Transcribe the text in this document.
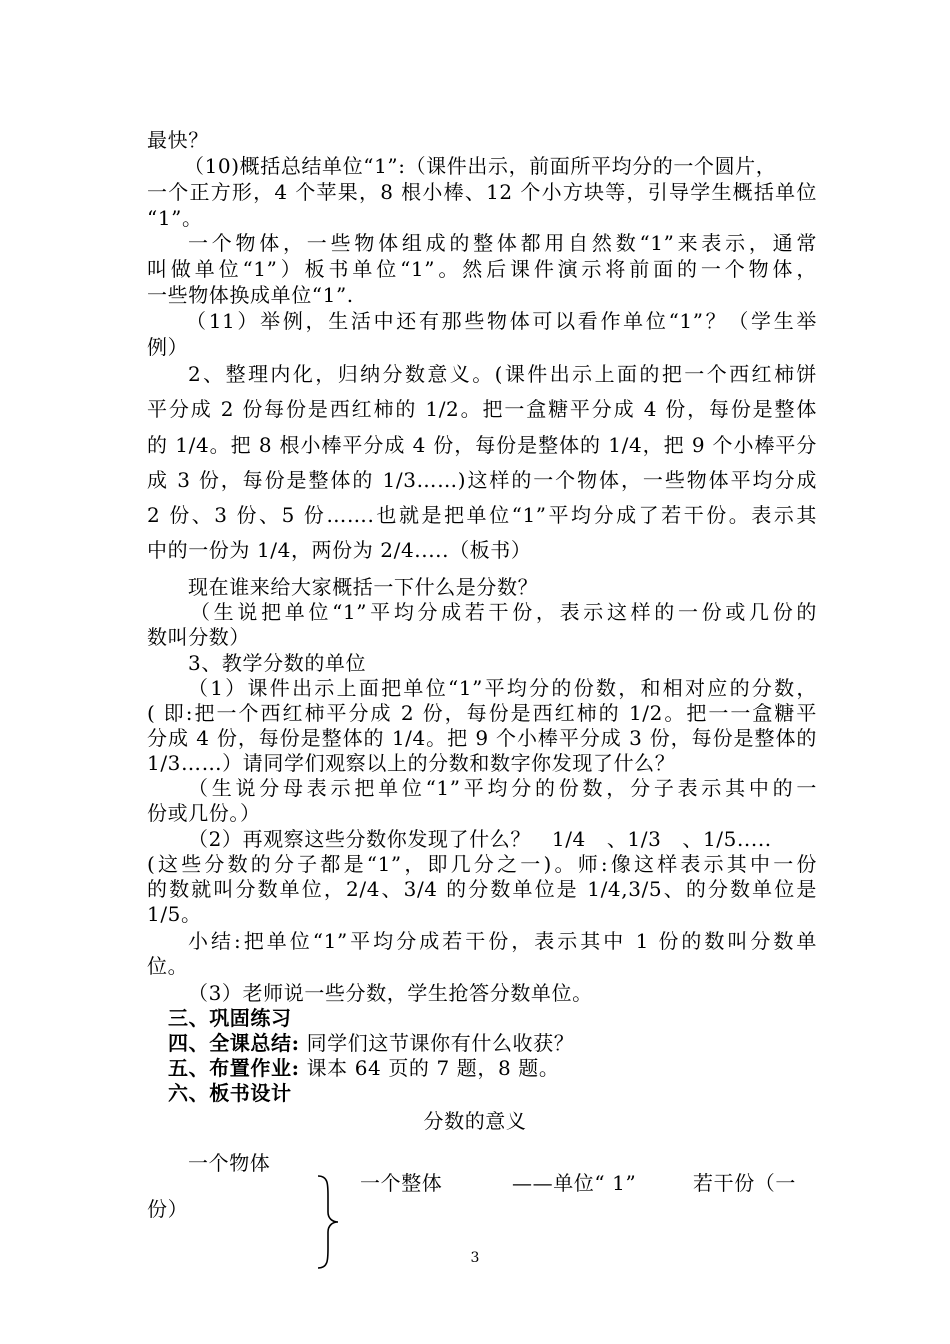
最快？
（10)概括总结单位“1”:（课件出示，前面所平均分的一个圆片，
一个正方形，4 个苹果，8 根小棒、12 个小方块等，引导学生概括单位
“1”。
一个物体，一些物体组成的整体都用自然数“1”来表示，通常
叫做单位“1”）板书单位“1”。然后课件演示将前面的一个物体，
一些物体换成单位“1”.
（11）举例，生活中还有那些物体可以看作单位“1”？（学生举
例）
2、整理内化，归纳分数意义。(课件出示上面的把一个西红柿饼
平分成 2 份每份是西红柿的 1/2。把一盒糖平分成 4 份，每份是整体
的 1/4。把 8 根小棒平分成 4 份，每份是整体的 1/4，把 9 个小棒平分
成 3 份，每份是整体的 1/3……)这样的一个物体，一些物体平均分成
2 份、3 份、5 份…….也就是把单位“1”平均分成了若干份。表示其
中的一份为 1/4，两份为 2/4.....（板书）
现在谁来给大家概括一下什么是分数？
（生说把单位“1”平均分成若干份，表示这样的一份或几份的
数叫分数）
3、教学分数的单位
（1）课件出示上面把单位“1”平均分的份数，和相对应的分数，
( 即:把一个西红柿平分成 2 份，每份是西红柿的 1/2。把一一盒糖平
分成 4 份，每份是整体的 1/4。把 9 个小棒平分成 3 份，每份是整体的
1/3……）请同学们观察以上的分数和数字你发现了什么？
（生说分母表示把单位“1”平均分的份数，分子表示其中的一
份或几份。）
（2）再观察这些分数你发现了什么？ 1/4 、1/3 、1/5.....
(这些分数的分子都是“1”，即几分之一)。师:像这样表示其中一份
的数就叫分数单位，2/4、3/4 的分数单位是 1/4,3/5、的分数单位是
1/5。
小结:把单位“1”平均分成若干份，表示其中 1 份的数叫分数单
位。
（3）老师说一些分数，学生抢答分数单位。
三、巩固练习
四、全课总结: 同学们这节课你有什么收获？
五、布置作业: 课本 64 页的 7 题，8 题。
六、板书设计
分数的意义
一个物体
一个整体	——单位“ 1”	若干份（一
份）
3
